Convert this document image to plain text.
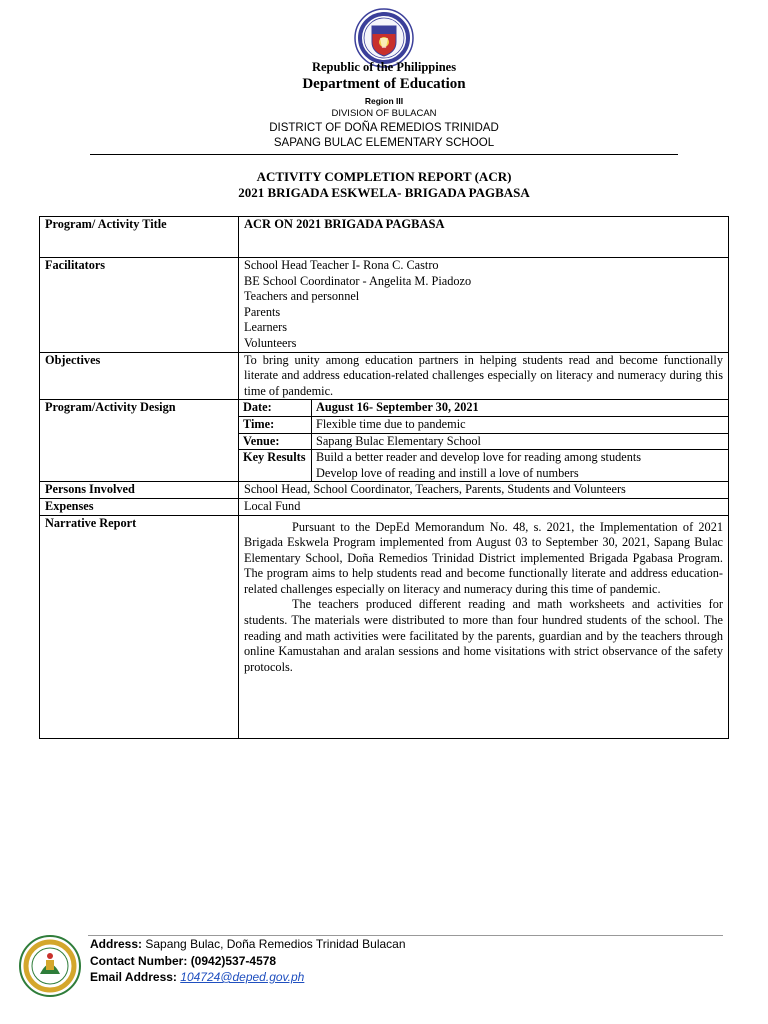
Republic of the Philippines
Department of Education
Region III
DIVISION OF BULACAN
DISTRICT OF DOÑA REMEDIOS TRINIDAD
SAPANG BULAC ELEMENTARY SCHOOL
ACTIVITY COMPLETION REPORT (ACR)
2021 BRIGADA ESKWELA- BRIGADA PAGBASA
Program/ Activity Title	ACR ON 2021 BRIGADA PAGBASA
Facilitators	School Head Teacher I- Rona C. Castro
BE School Coordinator - Angelita M. Piadozo
Teachers and personnel
Parents
Learners
Volunteers

Objectives	To bring unity among education partners in helping students read and become functionally literate and address education-related challenges especially on literacy and numeracy during this time of pandemic.
Program/Activity Design		Date:	August 16- September 30, 2021
Time:	Flexible time due to pandemic
Venue:	Sapang Bulac Elementary School
Key Results	Build a better reader and develop love for reading among students
Develop love of reading and instill a love of numbers

Persons Involved	School Head, School Coordinator, Teachers, Parents, Students and Volunteers
Expenses	Local Fund
Narrative Report	Pursuant to the DepEd Memorandum No. 48, s. 2021, the Implementation of 2021 Brigada Eskwela Program implemented from August 03 to September 30, 2021, Sapang Bulac Elementary School, Doña Remedios Trinidad District implemented Brigada Pgabasa Program. The program aims to help students read and become functionally literate and address education-related challenges especially on literacy and numeracy during this time of pandemic.

The teachers produced different reading and math worksheets and activities for students. The materials were distributed to more than four hundred students of the school. The reading and math activities were facilitated by the parents, guardian and by the teachers through online Kamustahan and aralan sessions and home visitations with strict observance of the safety protocols.

Address: Sapang Bulac, Doña Remedios Trinidad Bulacan
Contact Number: (0942)537-4578
Email Address: 104724@deped.gov.ph
